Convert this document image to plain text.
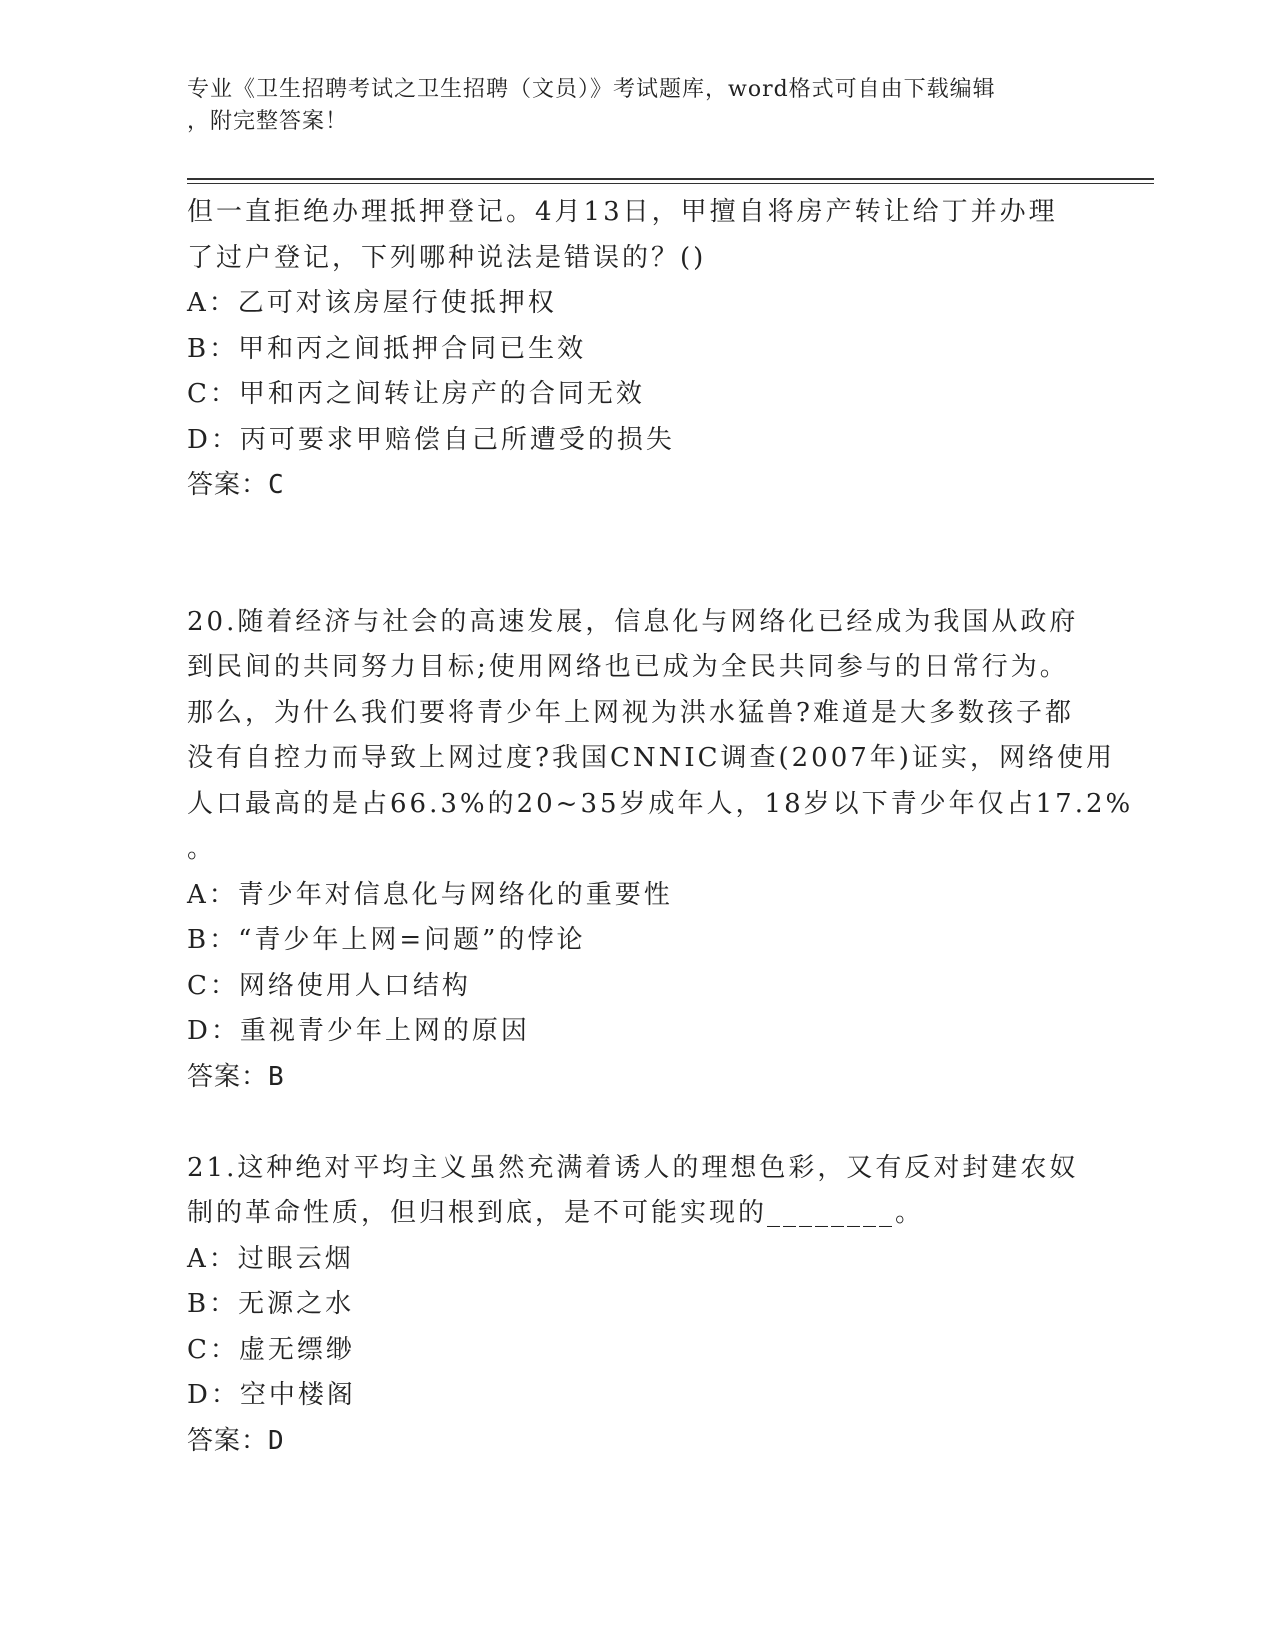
专业《卫生招聘考试之卫生招聘（文员）》考试题库，word格式可自由下载编辑
，附完整答案！
但一直拒绝办理抵押登记。4月13日，甲擅自将房产转让给丁并办理
了过户登记，下列哪种说法是错误的？()
A：乙可对该房屋行使抵押权
B：甲和丙之间抵押合同已生效
C：甲和丙之间转让房产的合同无效
D：丙可要求甲赔偿自己所遭受的损失
答案：C
20.随着经济与社会的高速发展，信息化与网络化已经成为我国从政府
到民间的共同努力目标;使用网络也已成为全民共同参与的日常行为。
那么，为什么我们要将青少年上网视为洪水猛兽?难道是大多数孩子都
没有自控力而导致上网过度?我国CNNIC调查(2007年)证实，网络使用
人口最高的是占66.3%的20~35岁成年人，18岁以下青少年仅占17.2%
。
A：青少年对信息化与网络化的重要性
B：“青少年上网=问题”的悖论
C：网络使用人口结构
D：重视青少年上网的原因
答案：B
21.这种绝对平均主义虽然充满着诱人的理想色彩，又有反对封建农奴
制的革命性质，但归根到底，是不可能实现的________。
A：过眼云烟
B：无源之水
C：虚无缥缈
D：空中楼阁
答案：D
